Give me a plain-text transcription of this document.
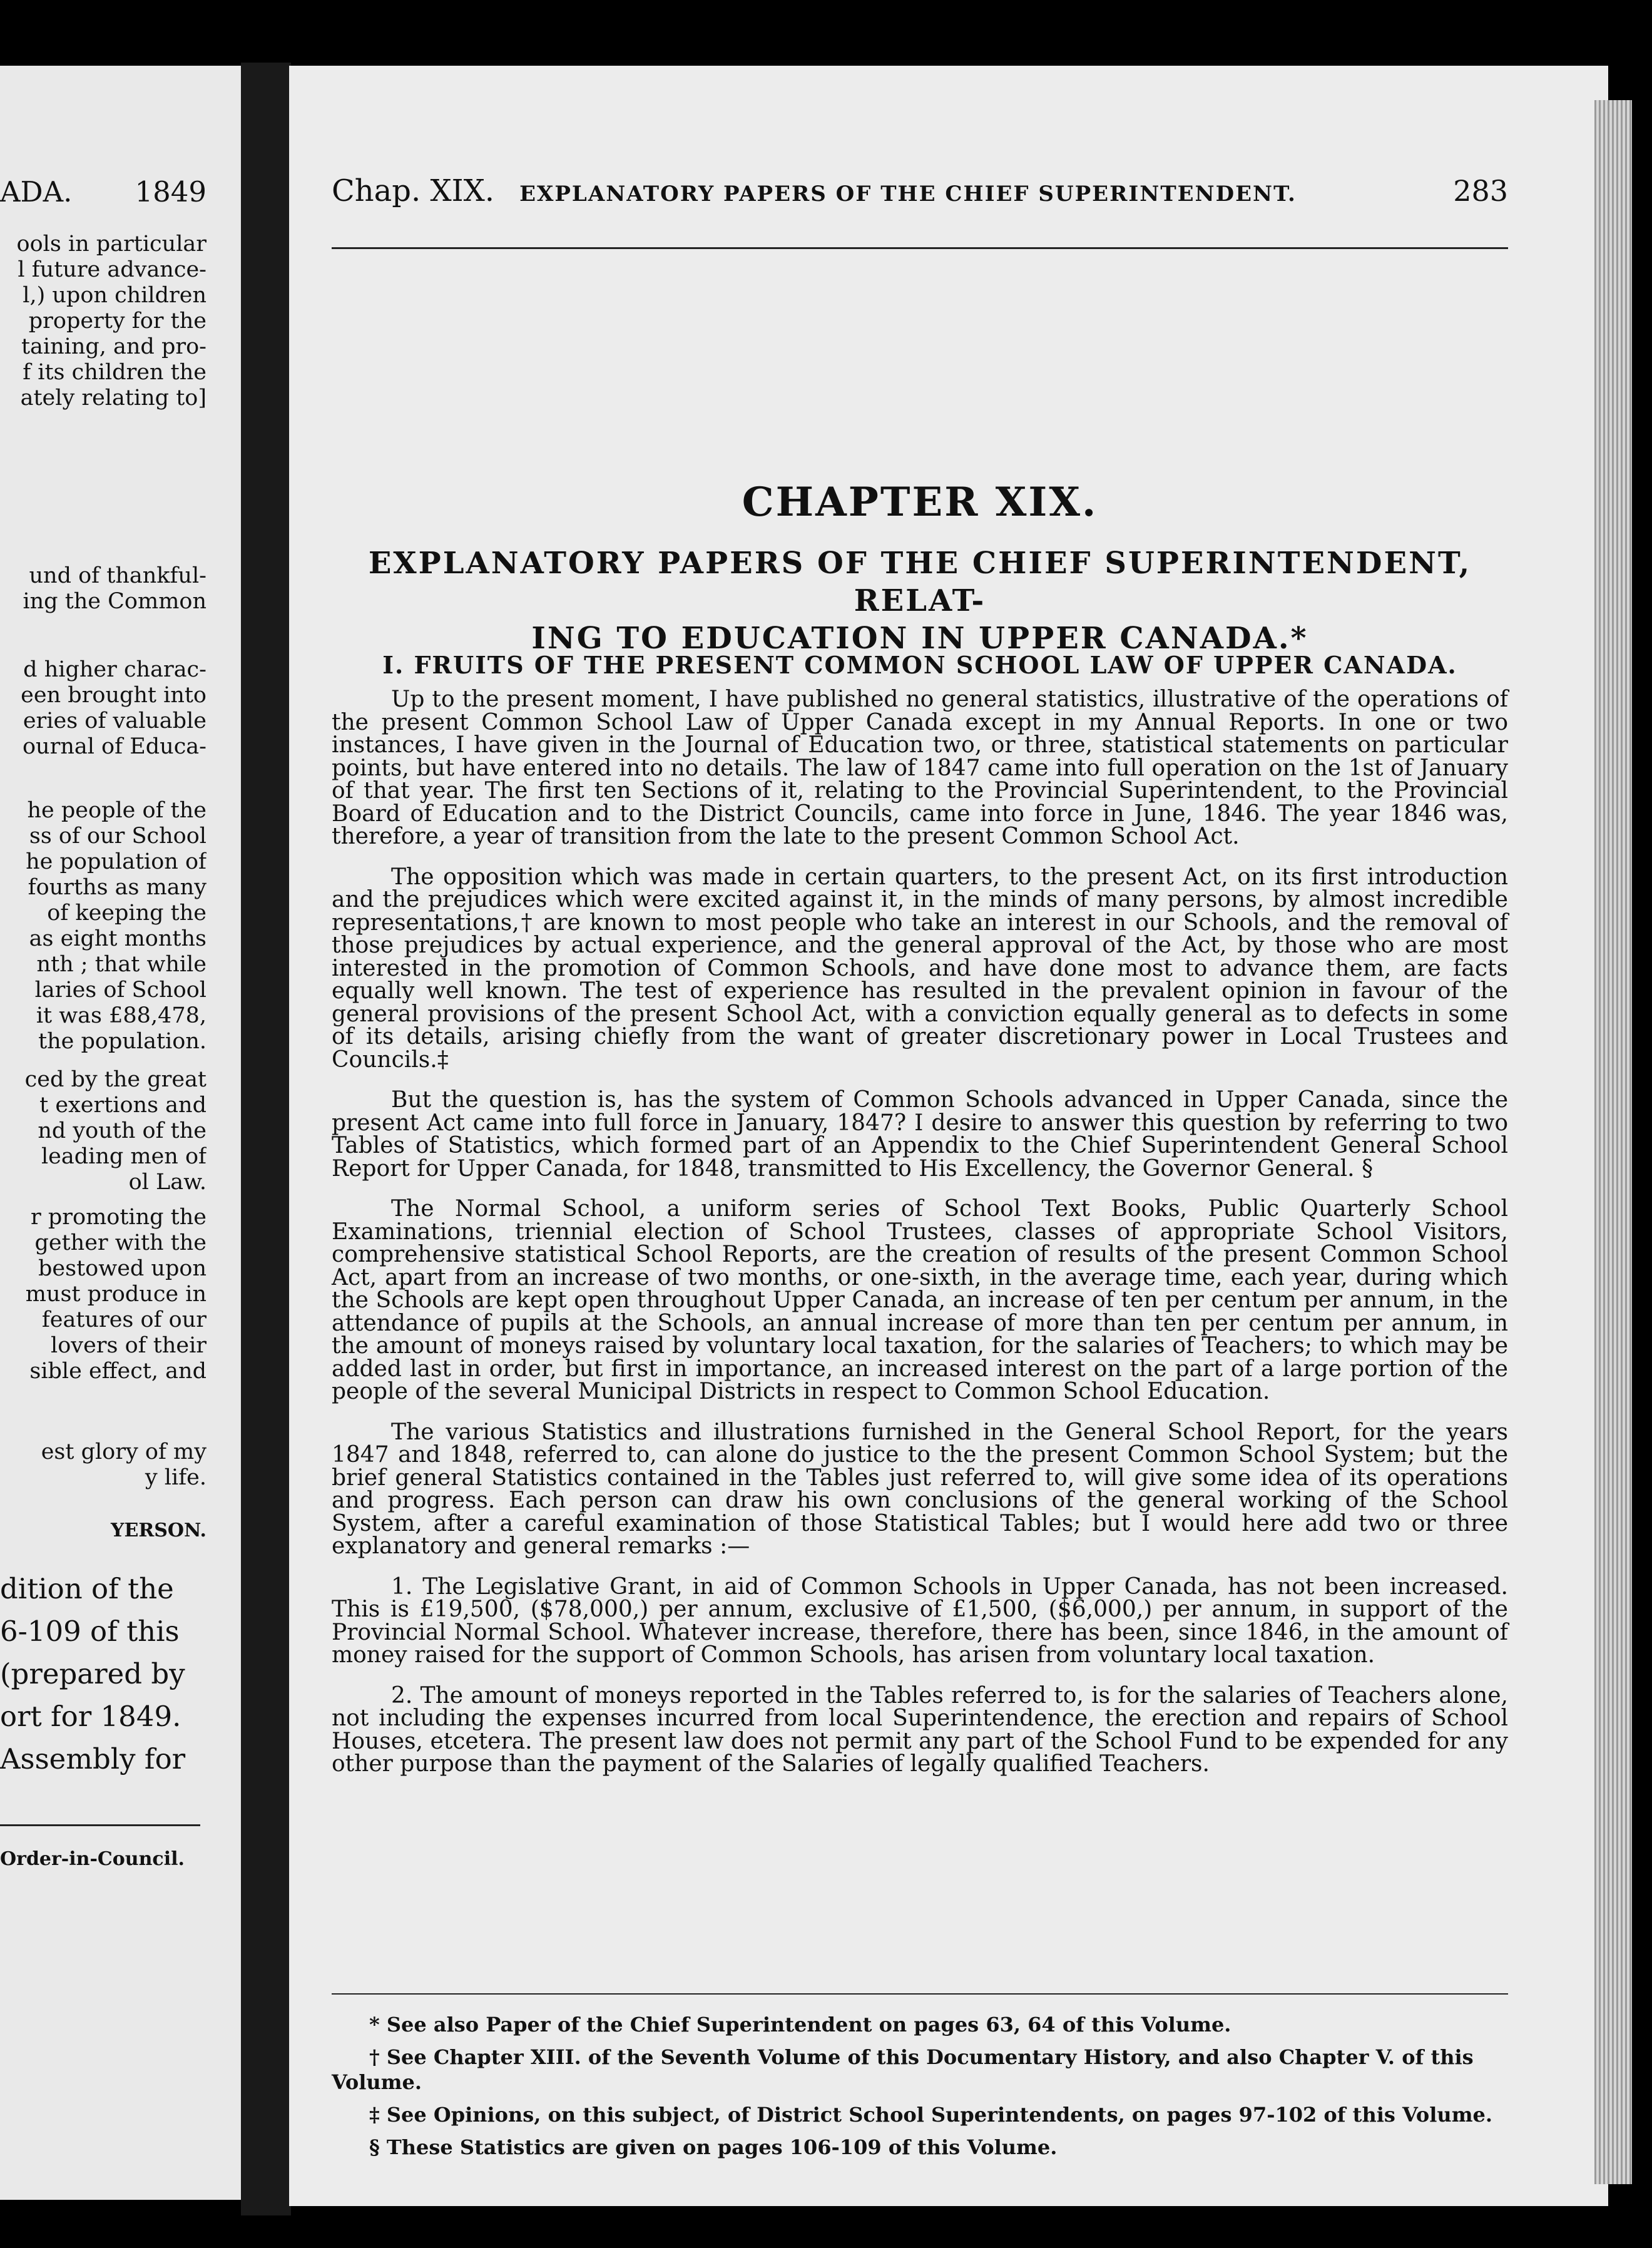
ADA. 1849
ools in particular
l future advance-
l,) upon children
property for the
taining, and pro-
f its children the
ately relating to]
und of thankful-
ing the Common
d higher charac-
een brought into
eries of valuable
ournal of Educa-
he people of the
ss of our School
he population of
fourths as many
of keeping the
as eight months
nth ; that while
laries of School
it was £88,478,
the population.
ced by the great
t exertions and
nd youth of the
leading men of
ol Law.
r promoting the
gether with the
bestowed upon
must produce in
features of our
lovers of their
sible effect, and
est glory of my
y life.
YERSON.
dition of the
6-109 of this
(prepared by
ort for 1849.
Assembly for
Order-in-Council.
Chap. XIX. EXPLANATORY PAPERS OF THE CHIEF SUPERINTENDENT.	283
CHAPTER XIX.
EXPLANATORY PAPERS OF THE CHIEF SUPERINTENDENT, RELAT-
ING TO EDUCATION IN UPPER CANADA.*
I. FRUITS OF THE PRESENT COMMON SCHOOL LAW OF UPPER CANADA.

Up to the present moment, I have published no general statistics, illustrative of the operations of the present Common School Law of Upper Canada except in my Annual Reports. In one or two instances, I have given in the Journal of Education two, or three, statistical statements on particular points, but have entered into no details. The law of 1847 came into full operation on the 1st of January of that year. The first ten Sections of it, relating to the Provincial Superintendent, to the Provincial Board of Education and to the District Councils, came into force in June, 1846. The year 1846 was, therefore, a year of transition from the late to the present Common School Act.

The opposition which was made in certain quarters, to the present Act, on its first introduction and the prejudices which were excited against it, in the minds of many persons, by almost incredible representations,† are known to most people who take an interest in our Schools, and the removal of those prejudices by actual experience, and the general approval of the Act, by those who are most interested in the promotion of Common Schools, and have done most to advance them, are facts equally well known. The test of experience has resulted in the prevalent opinion in favour of the general provisions of the present School Act, with a conviction equally general as to defects in some of its details, arising chiefly from the want of greater discretionary power in Local Trustees and Councils.‡

But the question is, has the system of Common Schools advanced in Upper Canada, since the present Act came into full force in January, 1847? I desire to answer this question by referring to two Tables of Statistics, which formed part of an Appendix to the Chief Superintendent General School Report for Upper Canada, for 1848, transmitted to His Excellency, the Governor General. §

The Normal School, a uniform series of School Text Books, Public Quarterly School Examinations, triennial election of School Trustees, classes of appropriate School Visitors, comprehensive statistical School Reports, are the creation of results of the present Common School Act, apart from an increase of two months, or one-sixth, in the average time, each year, during which the Schools are kept open throughout Upper Canada, an increase of ten per centum per annum, in the attendance of pupils at the Schools, an annual increase of more than ten per centum per annum, in the amount of moneys raised by voluntary local taxation, for the salaries of Teachers; to which may be added last in order, but first in importance, an increased interest on the part of a large portion of the people of the several Municipal Districts in respect to Common School Education.

The various Statistics and illustrations furnished in the General School Report, for the years 1847 and 1848, referred to, can alone do justice to the the present Common School System; but the brief general Statistics contained in the Tables just referred to, will give some idea of its operations and progress. Each person can draw his own conclusions of the general working of the School System, after a careful examination of those Statistical Tables; but I would here add two or three explanatory and general remarks :—

1. The Legislative Grant, in aid of Common Schools in Upper Canada, has not been increased. This is £19,500, ($78,000,) per annum, exclusive of £1,500, ($6,000,) per annum, in support of the Provincial Normal School. Whatever increase, therefore, there has been, since 1846, in the amount of money raised for the support of Common Schools, has arisen from voluntary local taxation.

2. The amount of moneys reported in the Tables referred to, is for the salaries of Teachers alone, not including the expenses incurred from local Superintendence, the erection and repairs of School Houses, etcetera. The present law does not permit any part of the School Fund to be expended for any other purpose than the payment of the Salaries of legally qualified Teachers.

* See also Paper of the Chief Superintendent on pages 63, 64 of this Volume.

† See Chapter XIII. of the Seventh Volume of this Documentary History, and also Chapter V. of this Volume.

‡ See Opinions, on this subject, of District School Superintendents, on pages 97-102 of this Volume.

§ These Statistics are given on pages 106-109 of this Volume.
